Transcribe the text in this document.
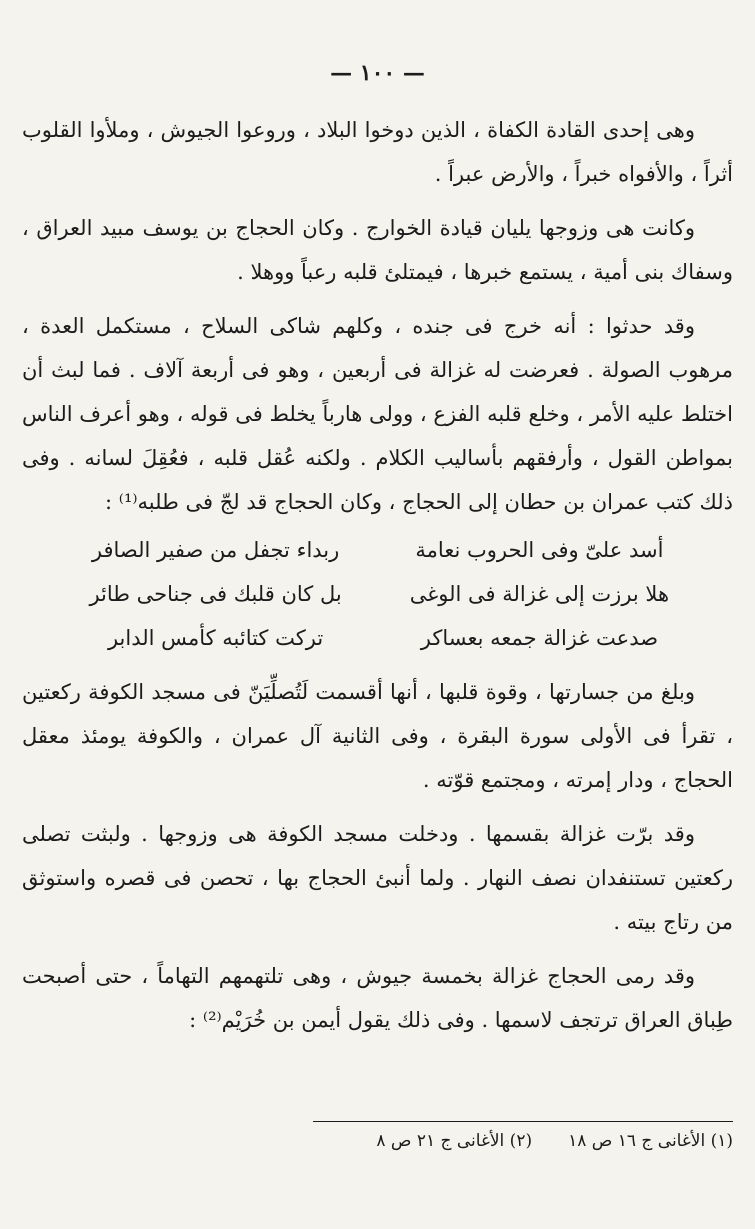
— ١٠٠ —

وهى إحدى القادة الكفاة ، الذين دوخوا البلاد ، وروعوا الجيوش ، وملأوا القلوب أثراً ، والأفواه خبراً ، والأرض عبراً .

وكانت هى وزوجها يليان قيادة الخوارج . وكان الحجاج بن يوسف مبيد العراق ، وسفاك بنى أمية ، يستمع خبرها ، فيمتلئ قلبه رعباً ووهلا .

وقد حدثوا : أنه خرج فى جنده ، وكلهم شاكى السلاح ، مستكمل العدة ، مرهوب الصولة . فعرضت له غزالة فى أربعين ، وهو فى أربعة آلاف . فما لبث أن اختلط عليه الأمر ، وخلع قلبه الفزع ، وولى هارباً يخلط فى قوله ، وهو أعرف الناس بمواطن القول ، وأرفقهم بأساليب الكلام . ولكنه عُقل قلبه ، فعُقِلَ لسانه . وفى ذلك كتب عمران بن حطان إلى الحجاج ، وكان الحجاج قد لجّ فى طلبه⁽¹⁾ :

أسد علىّ وفى الحروب نعامة
ربداء تجفل من صفير الصافر
هلا برزت إلى غزالة فى الوغى
بل كان قلبك فى جناحى طائر
صدعت غزالة جمعه بعساكر
تركت كتائبه كأمس الدابر

وبلغ من جسارتها ، وقوة قلبها ، أنها أقسمت لَتُصلِّيَنّ فى مسجد الكوفة ركعتين ، تقرأ فى الأولى سورة البقرة ، وفى الثانية آل عمران ، والكوفة يومئذ معقل الحجاج ، ودار إمرته ، ومجتمع قوّته .

وقد برّت غزالة بقسمها . ودخلت مسجد الكوفة هى وزوجها . ولبثت تصلى ركعتين تستنفدان نصف النهار . ولما أنبئ الحجاج بها ، تحصن فى قصره واستوثق من رتاج بيته .

وقد رمى الحجاج غزالة بخمسة جيوش ، وهى تلتهمهم التهاماً ، حتى أصبحت طِباق العراق ترتجف لاسمها . وفى ذلك يقول أيمن بن خُرَيْم⁽²⁾ :

(١) الأغانى ج ١٦ ص ١٨
(٢) الأغانى ج ٢١ ص ٨
